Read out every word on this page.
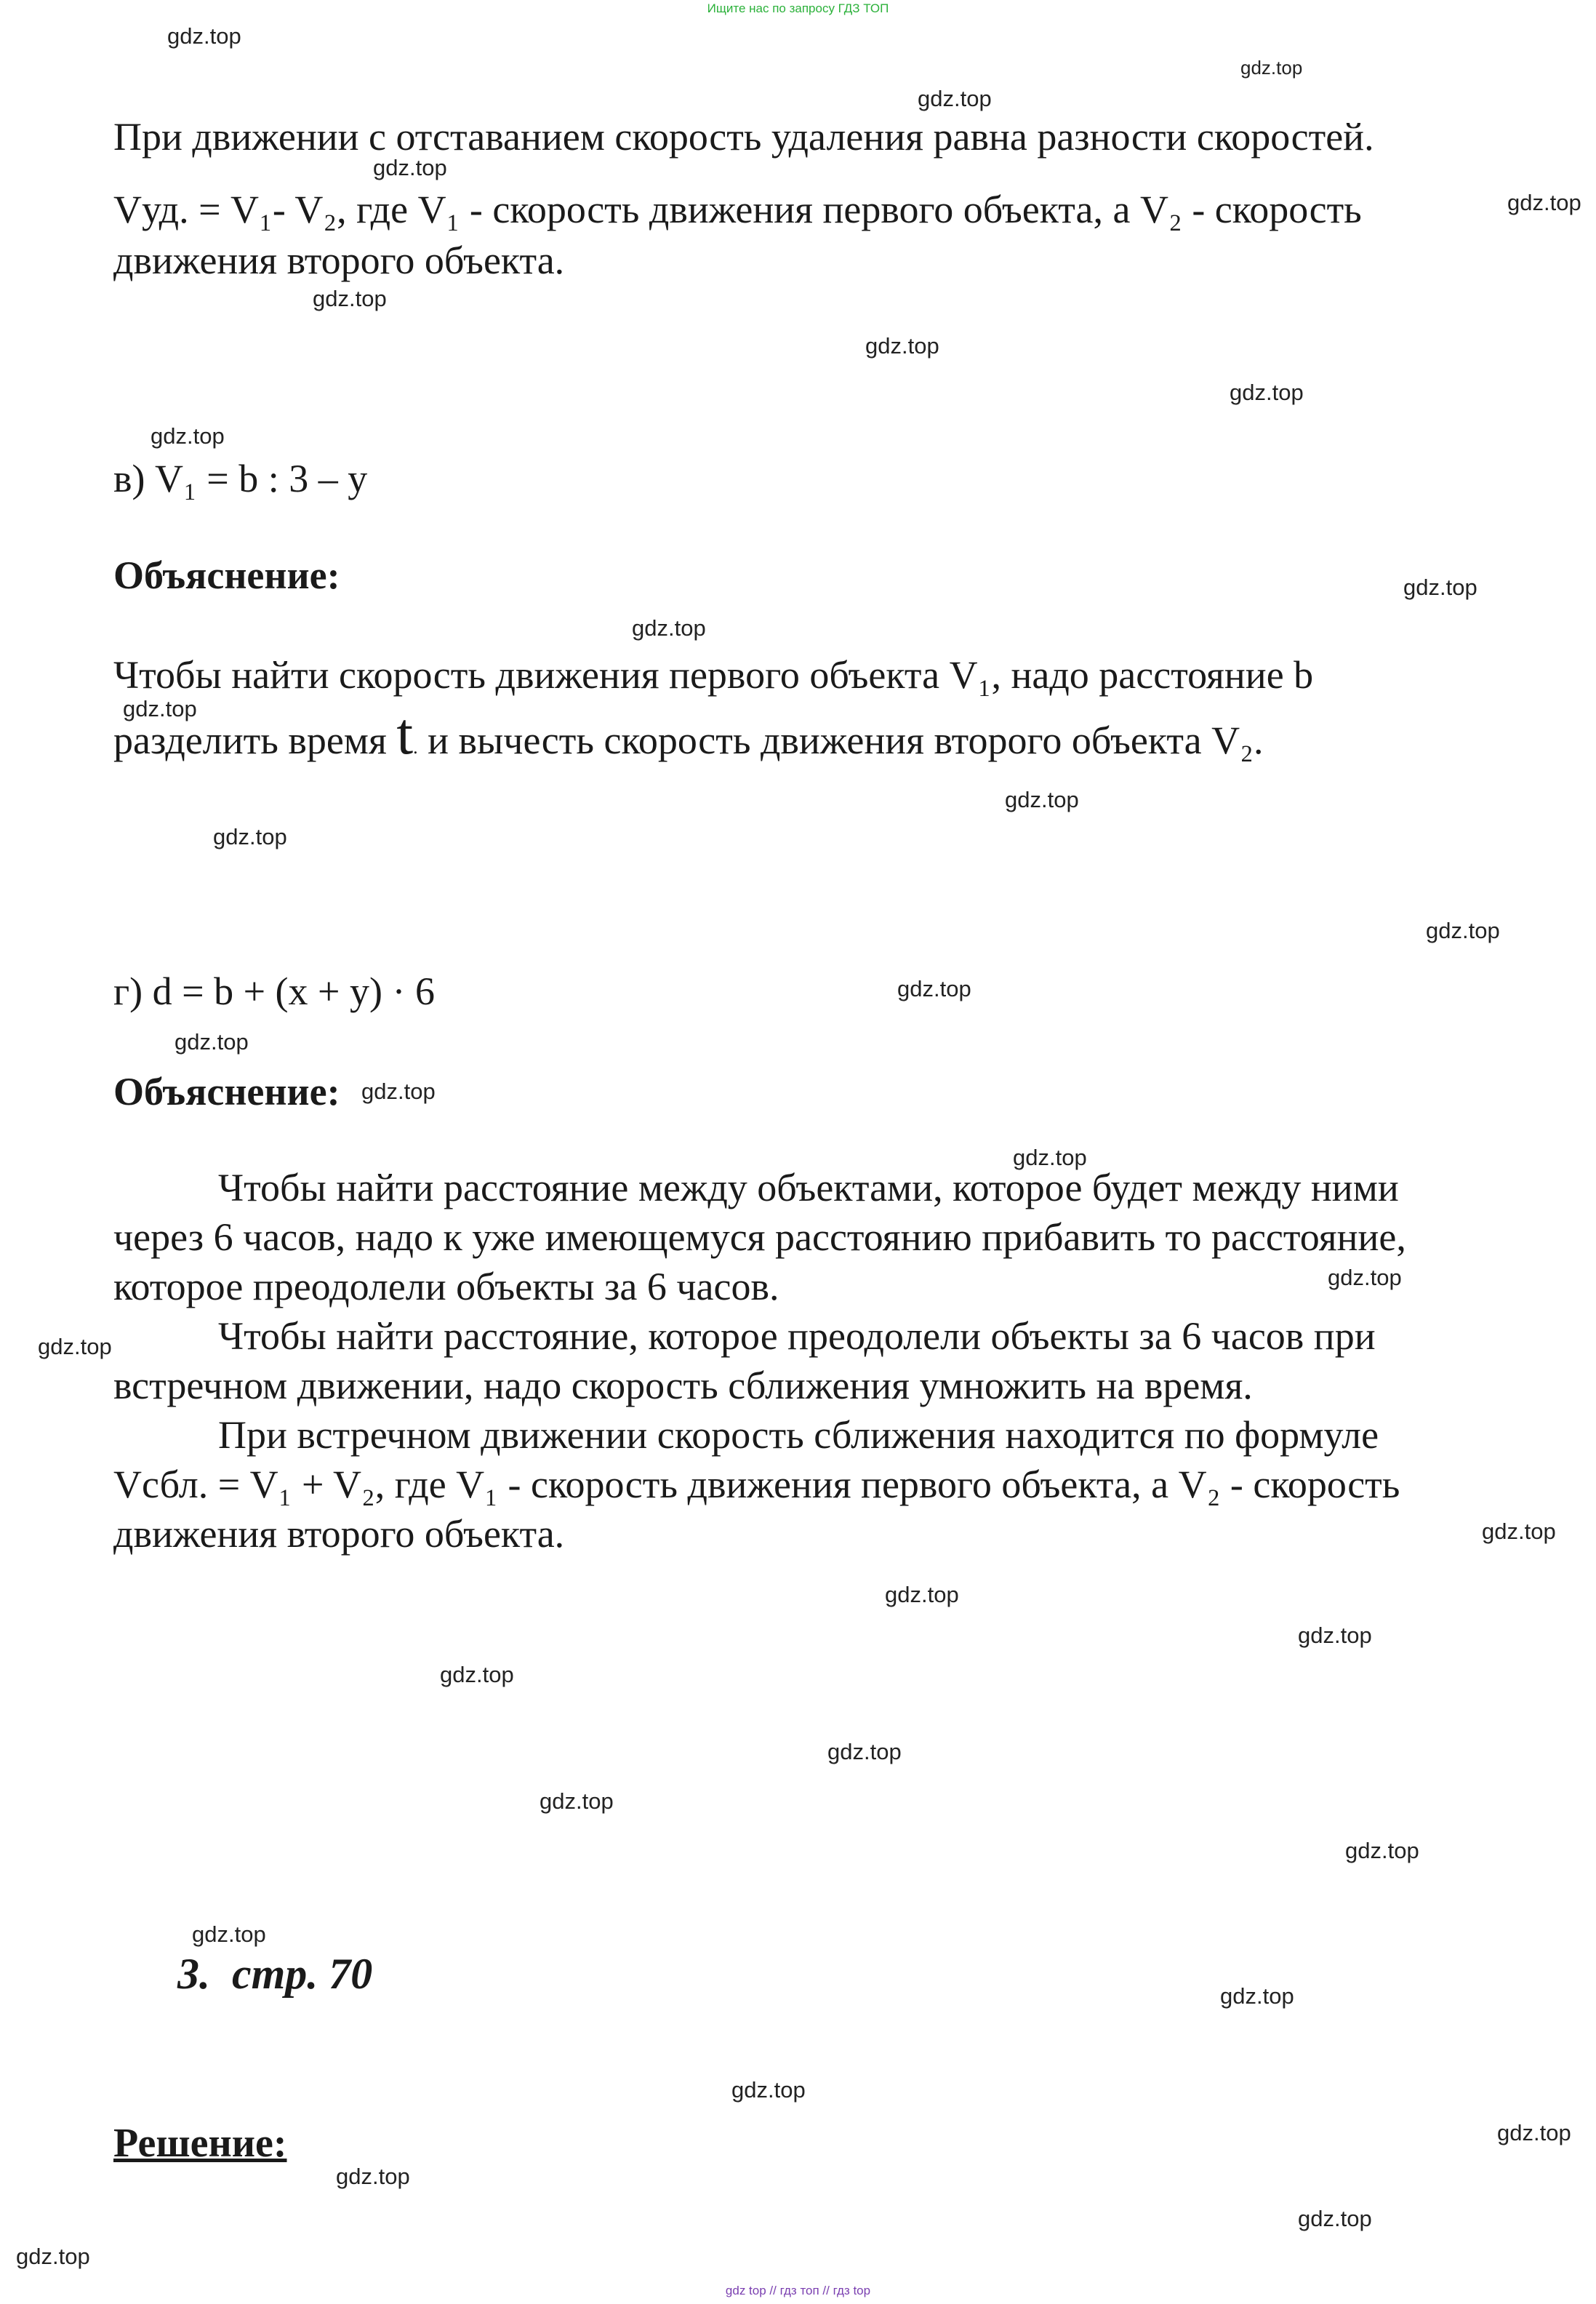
Ищите нас по запросу ГДЗ ТОП
При движении с отставанием скорость удаления равна разности скоростей.
Vуд. = V₁- V₂, где V₁ - скорость движения первого объекта, а V₂ - скорость
движения второго объекта.
в) V₁ = b : 3 – y
Объяснение:
Чтобы найти скорость движения первого объекта V₁, надо расстояние b
разделить время t. и вычесть скорость движения второго объекта V₂.
г) d = b + (x + y) · 6
Объяснение:
Чтобы найти расстояние между объектами, которое будет между ними
через 6 часов, надо к уже имеющемуся расстоянию прибавить то расстояние,
которое преодолели объекты за 6 часов.
Чтобы найти расстояние, которое преодолели объекты за 6 часов при
встречном движении, надо скорость сближения умножить на время.
При встречном движении скорость сближения находится по формуле
Vсбл. = V₁ + V₂, где V₁ - скорость движения первого объекта, а V₂ - скорость
движения второго объекта.
3. стр. 70
Решение:
gdz.top
gdz.top
gdz.top
gdz.top
gdz.top
gdz.top
gdz.top
gdz.top
gdz.top
gdz.top
gdz.top
gdz.top
gdz.top
gdz.top
gdz.top
gdz.top
gdz.top
gdz.top
gdz.top
gdz.top
gdz.top
gdz.top
gdz.top
gdz.top
gdz.top
gdz.top
gdz.top
gdz.top
gdz.top
gdz.top
gdz.top
gdz.top
gdz.top
gdz.top
gdz.top
gdz top // гдз топ // гдз top
